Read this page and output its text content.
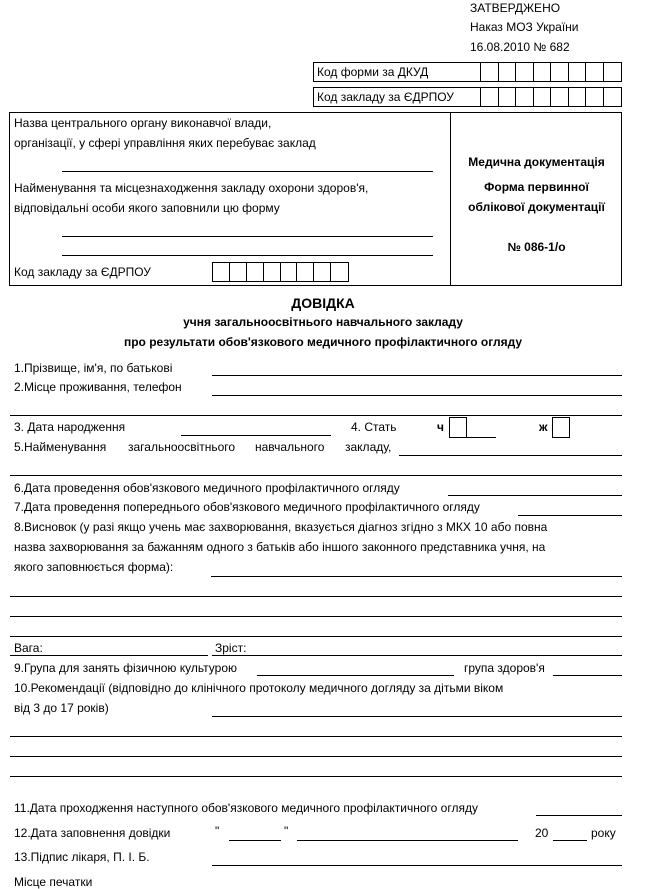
ЗАТВЕРДЖЕНО
Наказ МОЗ України
16.08.2010 № 682
Код форми за ДКУД
Код закладу за ЄДРПОУ
Назва центрального органу виконавчої влади,
організації, у сфері управління яких перебуває заклад
Найменування та місцезнаходження закладу охорони здоров'я,
відповідальні особи якого заповнили цю форму
Код закладу за ЄДРПОУ
Медична документація
Форма первинної
облікової документації
№ 086-1/о
ДОВІДКА
учня загальноосвітнього навчального закладу
про результати обов'язкового медичного профілактичного огляду
1.Прізвище, ім'я, по батькові
2.Місце проживання, телефон
3. Дата народження	4. Стать	ч	ж
5.Найменування загальноосвітнього навчального закладу,
6.Дата проведення обов'язкового медичного профілактичного огляду
7.Дата проведення попереднього обов'язкового медичного профілактичного огляду
8.Висновок (у разі якщо учень має захворювання, вказується діагноз згідно з МКХ 10 або повна
назва захворювання за бажанням одного з батьків або іншого законного представника учня, на
якого заповнюється форма):
Вага:	Зріст:
9.Група для занять фізичною культурою	група здоров'я
10.Рекомендації (відповідно до клінічного протоколу медичного догляду за дітьми віком
від 3 до 17 років)
11.Дата проходження наступного обов'язкового медичного профілактичного огляду
12.Дата заповнення довідки	"	"	20	року
13.Підпис лікаря, П. І. Б.
Місце печатки
